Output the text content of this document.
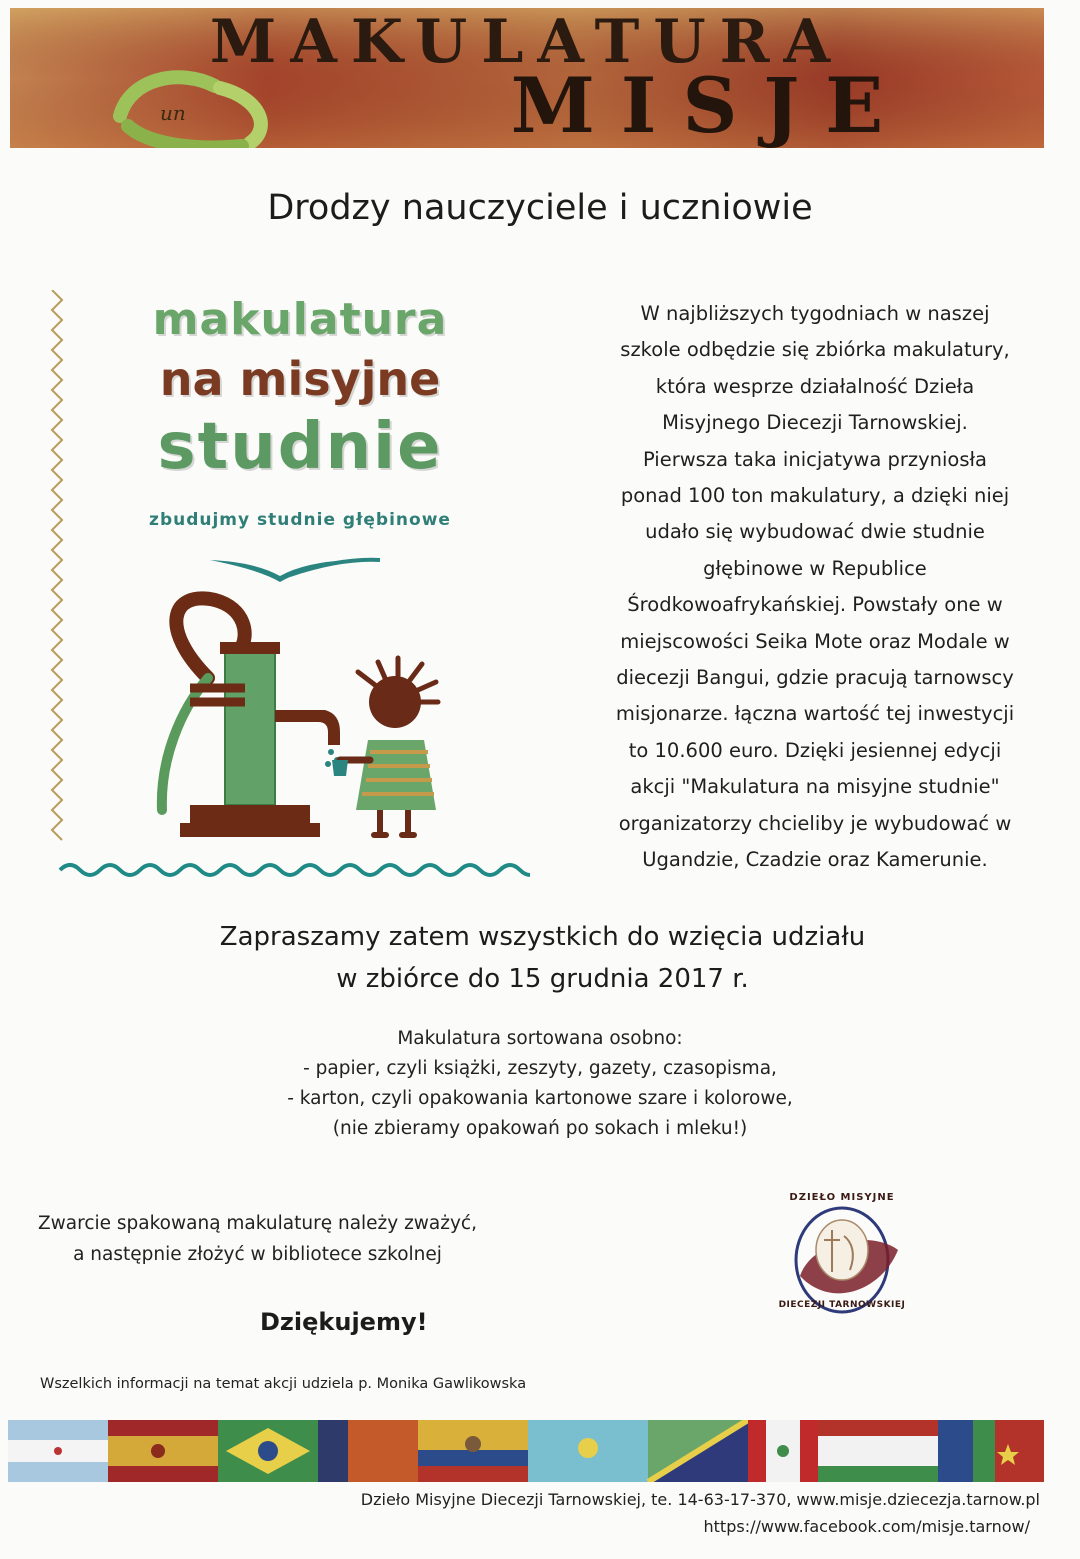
un
MAKULATURA
MISJE
Drodzy nauczyciele i uczniowie
makulatura
na misyjne
studnie
zbudujmy studnie głębinowe
W najbliższych tygodniach w naszej
szkole odbędzie się zbiórka makulatury,
która wesprze działalność Dzieła
Misyjnego Diecezji Tarnowskiej.
Pierwsza taka inicjatywa przyniosła
ponad 100 ton makulatury, a dzięki niej
udało się wybudować dwie studnie
głębinowe w Republice
Środkowoafrykańskiej. Powstały one w
miejscowości Seika Mote oraz Modale w
diecezji Bangui, gdzie pracują tarnowscy
misjonarze. łączna wartość tej inwestycji
to 10.600 euro. Dzięki jesiennej edycji
akcji "Makulatura na misyjne studnie"
organizatorzy chcieliby je wybudować w
Ugandzie, Czadzie oraz Kamerunie.
Zapraszamy zatem wszystkich do wzięcia udziału
w zbiórce do 15 grudnia 2017 r.
Makulatura sortowana osobno:
- papier, czyli książki, zeszyty, gazety, czasopisma,
- karton, czyli opakowania kartonowe szare i kolorowe,
(nie zbieramy opakowań po sokach i mleku!)
Zwarcie spakowaną makulaturę należy zważyć,
a następnie złożyć w bibliotece szkolnej
Dziękujemy!
Wszelkich informacji na temat akcji udziela p. Monika Gawlikowska
DZIEŁO MISYJNE
DIECEZJI TARNOWSKIEJ
Dzieło Misyjne Diecezji Tarnowskiej, te. 14-63-17-370, www.misje.dziecezja.tarnow.pl
https://www.facebook.com/misje.tarnow/
